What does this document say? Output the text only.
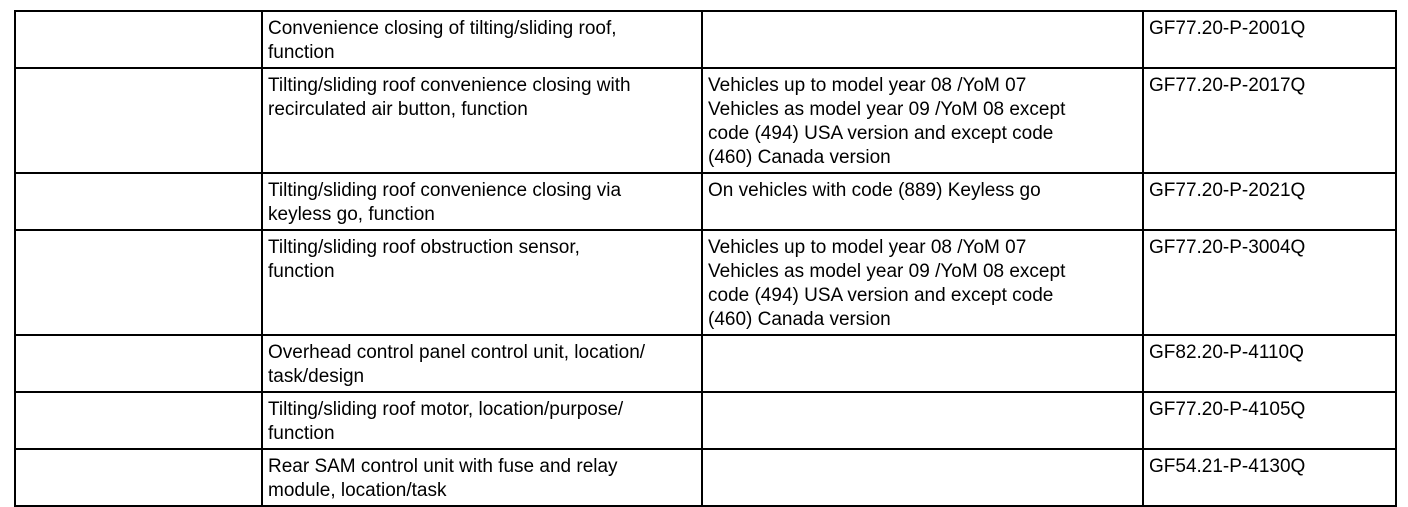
	Convenience closing of tilting/sliding roof,
function		GF77.20-P-2001Q

	Tilting/sliding roof convenience closing with
recirculated air button, function	Vehicles up to model year 08 /YoM 07
Vehicles as model year 09 /YoM 08 except
code (494) USA version and except code
(460) Canada version	GF77.20-P-2017Q

	Tilting/sliding roof convenience closing via
keyless go, function	On vehicles with code (889) Keyless go	GF77.20-P-2021Q

	Tilting/sliding roof obstruction sensor,
function	Vehicles up to model year 08 /YoM 07
Vehicles as model year 09 /YoM 08 except
code (494) USA version and except code
(460) Canada version	GF77.20-P-3004Q

	Overhead control panel control unit, location/
task/design		GF82.20-P-4110Q

	Tilting/sliding roof motor, location/purpose/
function		GF77.20-P-4105Q

	Rear SAM control unit with fuse and relay
module, location/task		GF54.21-P-4130Q
